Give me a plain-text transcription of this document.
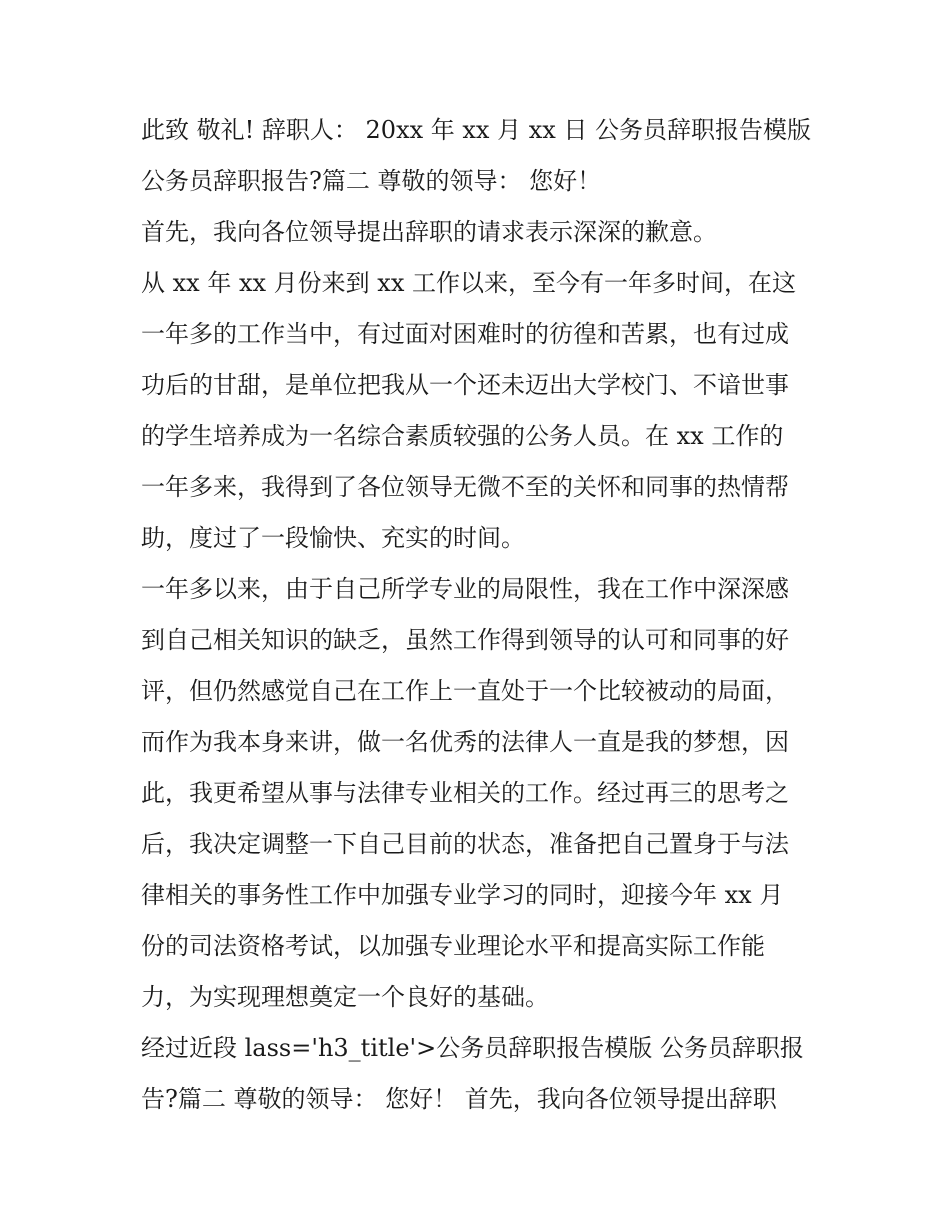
此致 敬礼! 辞职人： 20xx 年 xx 月 xx 日 公务员辞职报告模版
公务员辞职报告?篇二 尊敬的领导： 您好！
首先，我向各位领导提出辞职的请求表示深深的歉意。
从 xx 年 xx 月份来到 xx 工作以来，至今有一年多时间，在这
一年多的工作当中，有过面对困难时的彷徨和苦累，也有过成
功后的甘甜，是单位把我从一个还未迈出大学校门、不谙世事
的学生培养成为一名综合素质较强的公务人员。在 xx 工作的
一年多来，我得到了各位领导无微不至的关怀和同事的热情帮
助，度过了一段愉快、充实的时间。
一年多以来，由于自己所学专业的局限性，我在工作中深深感
到自己相关知识的缺乏，虽然工作得到领导的认可和同事的好
评，但仍然感觉自己在工作上一直处于一个比较被动的局面，
而作为我本身来讲，做一名优秀的法律人一直是我的梦想，因
此，我更希望从事与法律专业相关的工作。经过再三的思考之
后，我决定调整一下自己目前的状态，准备把自己置身于与法
律相关的事务性工作中加强专业学习的同时，迎接今年 xx 月
份的司法资格考试，以加强专业理论水平和提高实际工作能
力，为实现理想奠定一个良好的基础。
经过近段 lass='h3_title'>公务员辞职报告模版 公务员辞职报
告?篇二 尊敬的领导： 您好！ 首先，我向各位领导提出辞职
